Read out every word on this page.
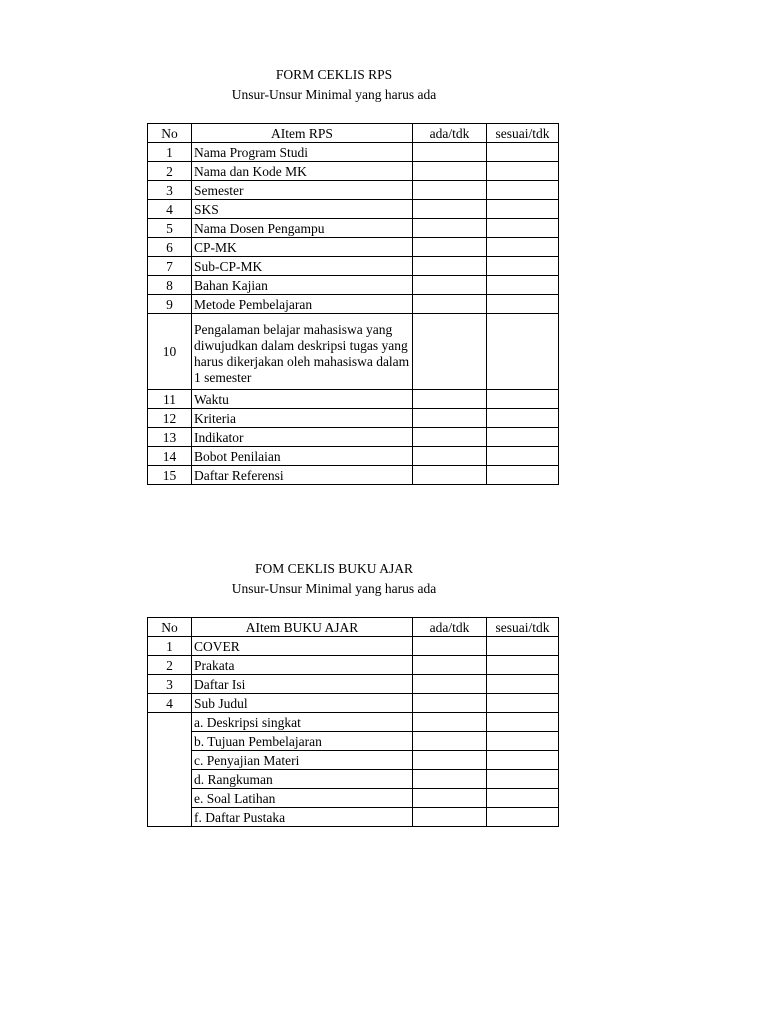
FORM CEKLIS RPS
Unsur-Unsur Minimal yang harus ada
No	AItem RPS	ada/tdk	sesuai/tdk
1	Nama Program Studi		
2	Nama dan Kode MK		
3	Semester		
4	SKS		
5	Nama Dosen Pengampu		
6	CP-MK		
7	Sub-CP-MK		
8	Bahan Kajian		
9	Metode Pembelajaran		
10	Pengalaman belajar mahasiswa yang diwujudkan dalam deskripsi tugas yang harus dikerjakan oleh mahasiswa dalam 1 semester		
11	Waktu		
12	Kriteria		
13	Indikator		
14	Bobot Penilaian		
15	Daftar Referensi		
FOM CEKLIS BUKU AJAR
Unsur-Unsur Minimal yang harus ada
No	AItem BUKU AJAR	ada/tdk	sesuai/tdk
1	COVER		
2	Prakata		
3	Daftar Isi		
4	Sub Judul		
	a. Deskripsi singkat		
	b. Tujuan Pembelajaran		
	c. Penyajian Materi		
	d. Rangkuman		
	e. Soal Latihan		
	f. Daftar Pustaka		
